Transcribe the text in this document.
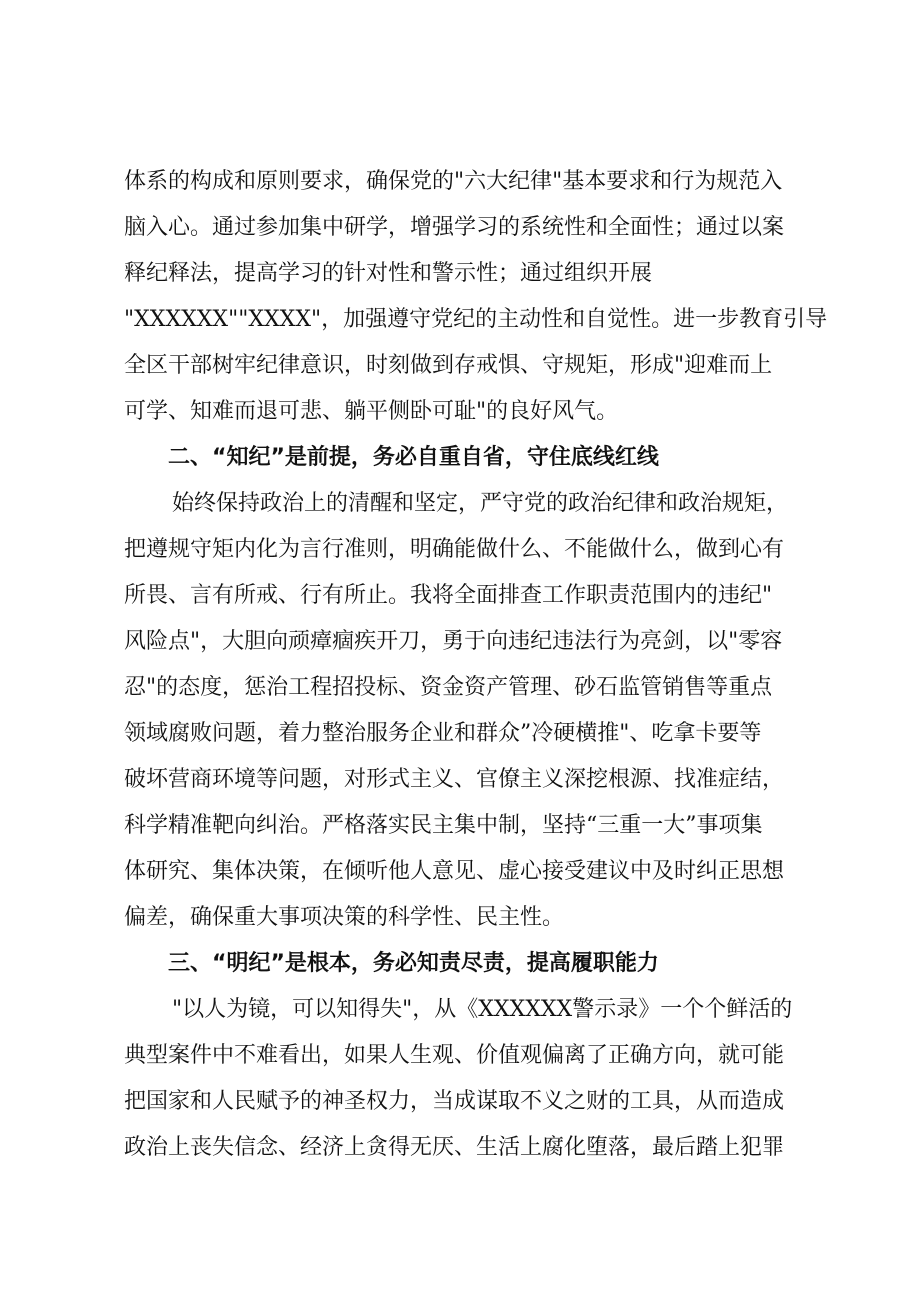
体系的构成和原则要求，确保党的"六大纪律"基本要求和行为规范入
脑入心。通过参加集中研学，增强学习的系统性和全面性；通过以案
释纪释法，提高学习的针对性和警示性；通过组织开展
"XXXXXX""XXXX"，加强遵守党纪的主动性和自觉性。进一步教育引导
全区干部树牢纪律意识，时刻做到存戒惧、守规矩，形成"迎难而上
可学、知难而退可悲、躺平侧卧可耻"的良好风气。
二、“知纪”是前提，务必自重自省，守住底线红线
始终保持政治上的清醒和坚定，严守党的政治纪律和政治规矩，
把遵规守矩内化为言行准则，明确能做什么、不能做什么，做到心有
所畏、言有所戒、行有所止。我将全面排查工作职责范围内的违纪"
风险点"，大胆向顽瘴痼疾开刀，勇于向违纪违法行为亮剑，以"零容
忍"的态度，惩治工程招投标、资金资产管理、砂石监管销售等重点
领域腐败问题，着力整治服务企业和群众”冷硬横推"、吃拿卡要等
破坏营商环境等问题，对形式主义、官僚主义深挖根源、找准症结，
科学精准靶向纠治。严格落实民主集中制，坚持“三重一大”事项集
体研究、集体决策，在倾听他人意见、虚心接受建议中及时纠正思想
偏差，确保重大事项决策的科学性、民主性。
三、“明纪”是根本，务必知责尽责，提高履职能力
"以人为镜，可以知得失"，从《XXXXXX警示录》一个个鲜活的
典型案件中不难看出，如果人生观、价值观偏离了正确方向，就可能
把国家和人民赋予的神圣权力，当成谋取不义之财的工具，从而造成
政治上丧失信念、经济上贪得无厌、生活上腐化堕落，最后踏上犯罪
